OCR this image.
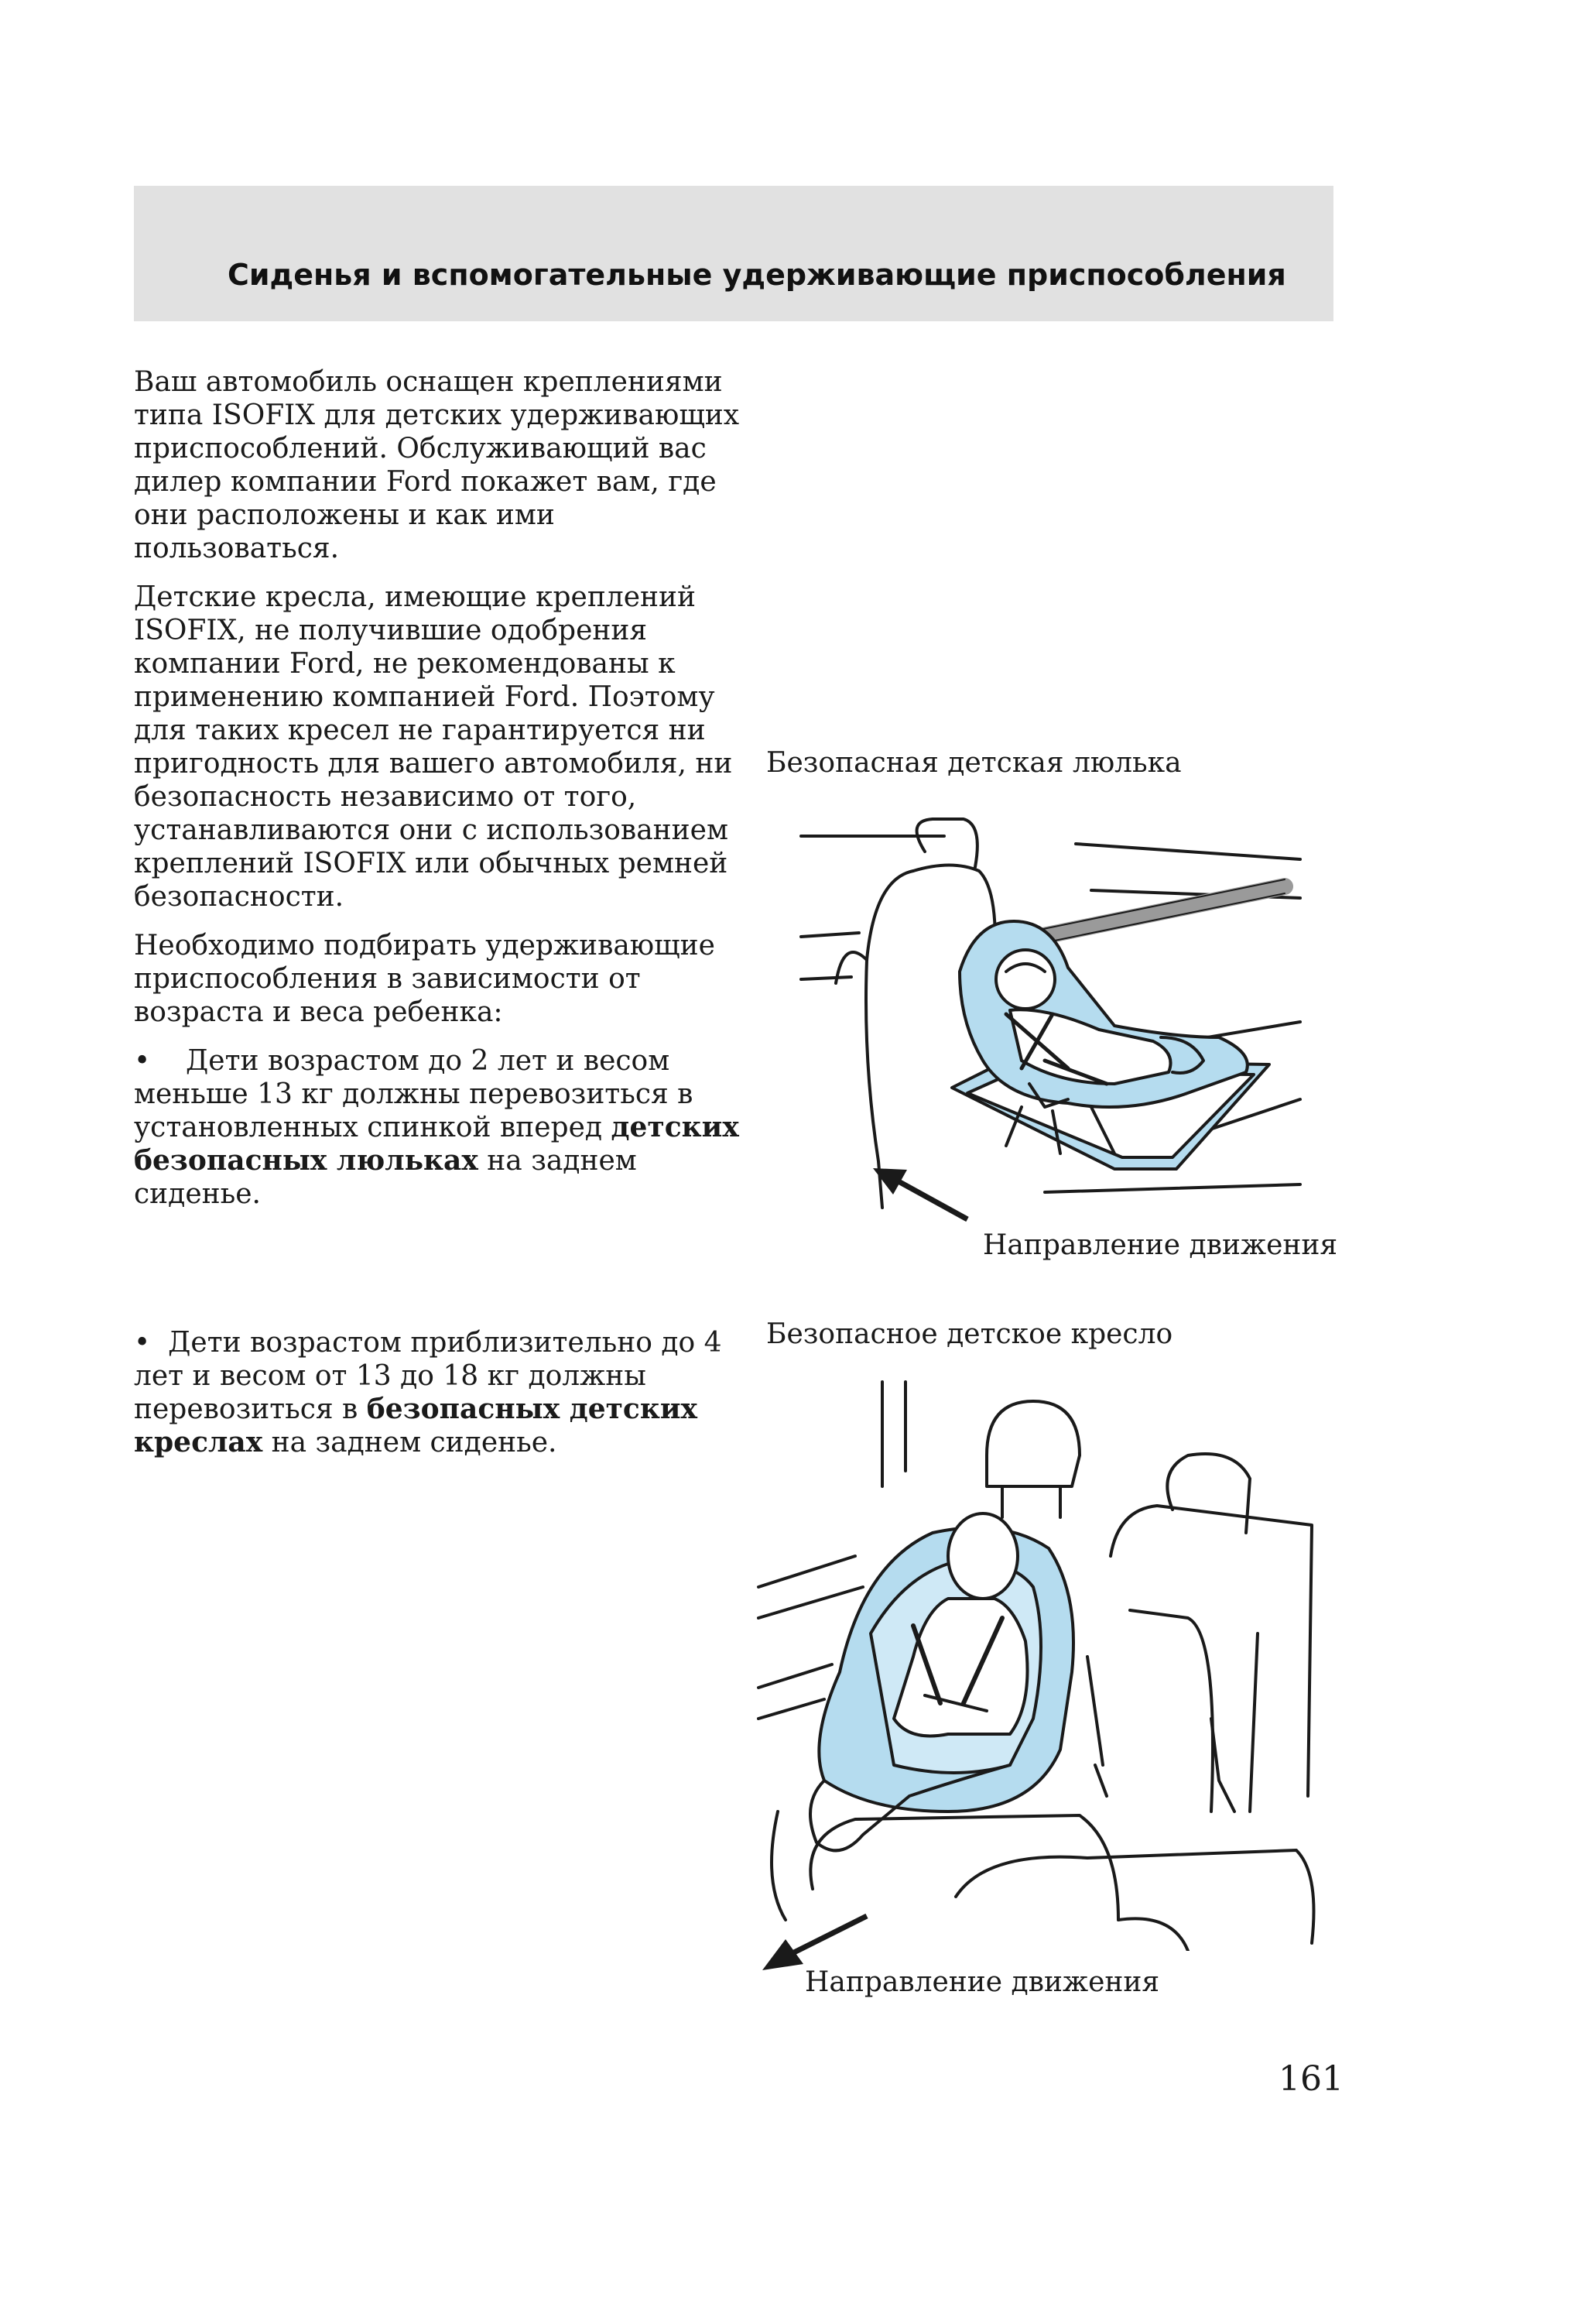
Сиденья и вспомогательные удерживающие приспособления

Ваш автомобиль оснащен креплениями типа ISOFIX для детских удерживающих приспособлений. Обслуживающий вас дилер компании Ford покажет вам, где они расположены и как ими пользоваться.

Детские кресла, имеющие креплений ISOFIX, не получившие одобрения компании Ford, не рекомендованы к применению компанией Ford. Поэтому для таких кресел не гарантируется ни пригодность для вашего автомобиля, ни безопасность независимо от того, устанавливаются они с использованием креплений ISOFIX или обычных ремней безопасности.

Необходимо подбирать удерживающие приспособления в зависимости от возраста и веса ребенка:

• Дети возрастом до 2 лет и весом меньше 13 кг должны перевозиться в установленных спинкой вперед детских безопасных люльках на заднем сиденье.

• Дети возрастом приблизительно до 4 лет и весом от 13 до 18 кг должны перевозиться в безопасных детских креслах на заднем сиденье.

Безопасная детская люлька
Направление движения
Безопасное детское кресло
Направление движения
161
